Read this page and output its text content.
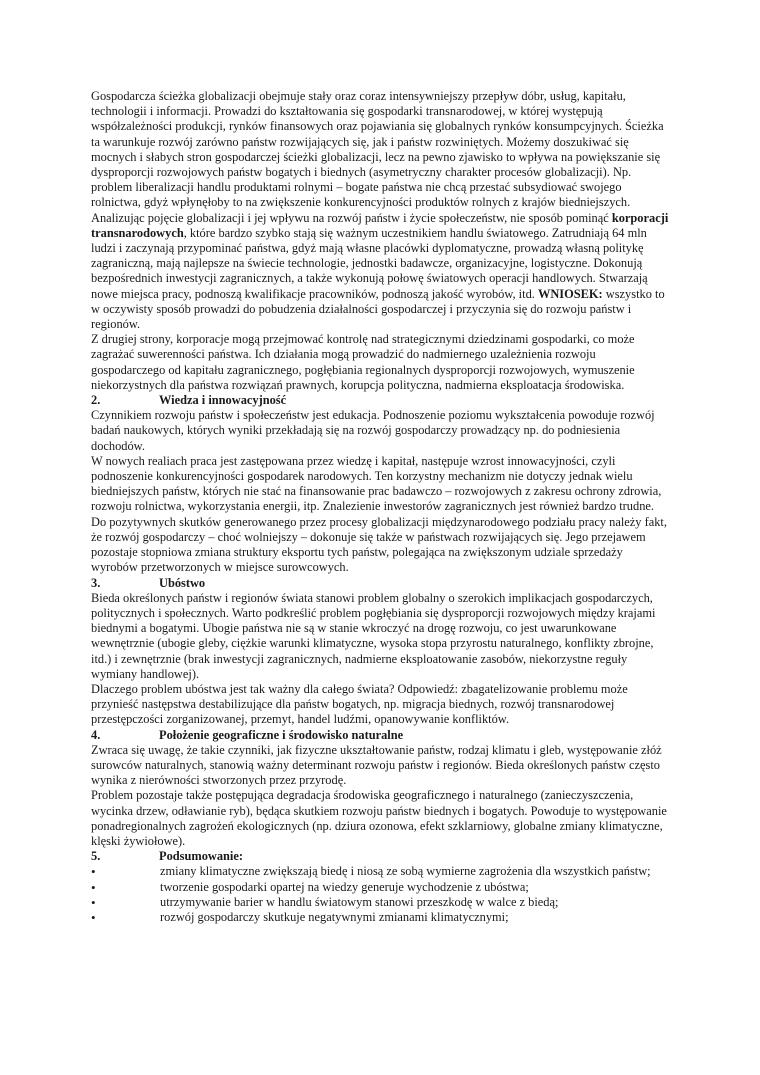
Gospodarcza ścieżka globalizacji obejmuje stały oraz coraz intensywniejszy przepływ dóbr, usług, kapitału, technologii i informacji. Prowadzi do kształtowania się gospodarki transnarodowej, w której występują współzależności produkcji, rynków finansowych oraz pojawiania się globalnych rynków konsumpcyjnych. Ścieżka ta warunkuje rozwój zarówno państw rozwijających się, jak i państw rozwiniętych. Możemy doszukiwać się mocnych i słabych stron gospodarczej ścieżki globalizacji, lecz na pewno zjawisko to wpływa na powiększanie się dysproporcji rozwojowych państw bogatych i biednych (asymetryczny charakter procesów globalizacji). Np. problem liberalizacji handlu produktami rolnymi – bogate państwa nie chcą przestać subsydiować swojego rolnictwa, gdyż wpłynęłoby to na zwiększenie konkurencyjności produktów rolnych z krajów biedniejszych.

Analizując pojęcie globalizacji i jej wpływu na rozwój państw i życie społeczeństw, nie sposób pominąć korporacji transnarodowych, które bardzo szybko stają się ważnym uczestnikiem handlu światowego. Zatrudniają 64 mln ludzi i zaczynają przypominać państwa, gdyż mają własne placówki dyplomatyczne, prowadzą własną politykę zagraniczną, mają najlepsze na świecie technologie, jednostki badawcze, organizacyjne, logistyczne. Dokonują bezpośrednich inwestycji zagranicznych, a także wykonują połowę światowych operacji handlowych. Stwarzają nowe miejsca pracy, podnoszą kwalifikacje pracowników, podnoszą jakość wyrobów, itd. WNIOSEK: wszystko to w oczywisty sposób prowadzi do pobudzenia działalności gospodarczej i przyczynia się do rozwoju państw i regionów.

Z drugiej strony, korporacje mogą przejmować kontrolę nad strategicznymi dziedzinami gospodarki, co może zagrażać suwerenności państwa. Ich działania mogą prowadzić do nadmiernego uzależnienia rozwoju gospodarczego od kapitału zagranicznego, pogłębiania regionalnych dysproporcji rozwojowych, wymuszenie niekorzystnych dla państwa rozwiązań prawnych, korupcja polityczna, nadmierna eksploatacja środowiska.

2.	Wiedza i innowacyjność

Czynnikiem rozwoju państw i społeczeństw jest edukacja. Podnoszenie poziomu wykształcenia powoduje rozwój badań naukowych, których wyniki przekładają się na rozwój gospodarczy prowadzący np. do podniesienia dochodów.

W nowych realiach praca jest zastępowana przez wiedzę i kapitał, następuje wzrost innowacyjności, czyli podnoszenie konkurencyjności gospodarek narodowych. Ten korzystny mechanizm nie dotyczy jednak wielu biedniejszych państw, których nie stać na finansowanie prac badawczo – rozwojowych z zakresu ochrony zdrowia, rozwoju rolnictwa, wykorzystania energii, itp. Znalezienie inwestorów zagranicznych jest również bardzo trudne.

Do pozytywnych skutków generowanego przez procesy globalizacji międzynarodowego podziału pracy należy fakt, że rozwój gospodarczy – choć wolniejszy – dokonuje się także w państwach rozwijających się. Jego przejawem pozostaje stopniowa zmiana struktury eksportu tych państw, polegająca na zwiększonym udziale sprzedaży wyrobów przetworzonych w miejsce surowcowych.

3.	Ubóstwo

Bieda określonych państw i regionów świata stanowi problem globalny o szerokich implikacjach gospodarczych, politycznych i społecznych. Warto podkreślić problem pogłębiania się dysproporcji rozwojowych między krajami biednymi a bogatymi. Ubogie państwa nie są w stanie wkroczyć na drogę rozwoju, co jest uwarunkowane wewnętrznie (ubogie gleby, ciężkie warunki klimatyczne, wysoka stopa przyrostu naturalnego, konflikty zbrojne, itd.) i zewnętrznie (brak inwestycji zagranicznych, nadmierne eksploatowanie zasobów, niekorzystne reguły wymiany handlowej).

Dlaczego problem ubóstwa jest tak ważny dla całego świata? Odpowiedź: zbagatelizowanie problemu może przynieść następstwa destabilizujące dla państw bogatych, np. migracja biednych, rozwój transnarodowej przestępczości zorganizowanej, przemyt, handel ludźmi, opanowywanie konfliktów.

4.	Położenie geograficzne i środowisko naturalne

Zwraca się uwagę, że takie czynniki, jak fizyczne ukształtowanie państw, rodzaj klimatu i gleb, występowanie złóż surowców naturalnych, stanowią ważny determinant rozwoju państw i regionów. Bieda określonych państw często wynika z nierówności stworzonych przez przyrodę.

Problem pozostaje także postępująca degradacja środowiska geograficznego i naturalnego (zanieczyszczenia, wycinka drzew, odławianie ryb), będąca skutkiem rozwoju państw biednych i bogatych. Powoduje to występowanie ponadregionalnych zagrożeń ekologicznych (np. dziura ozonowa, efekt szklarniowy, globalne zmiany klimatyczne, klęski żywiołowe).

5.	Podsumowanie:
zmiany klimatyczne zwiększają biedę i niosą ze sobą wymierne zagrożenia dla wszystkich państw;
tworzenie gospodarki opartej na wiedzy generuje wychodzenie z ubóstwa;
utrzymywanie barier w handlu światowym stanowi przeszkodę w walce z biedą;
rozwój gospodarczy skutkuje negatywnymi zmianami klimatycznymi;
